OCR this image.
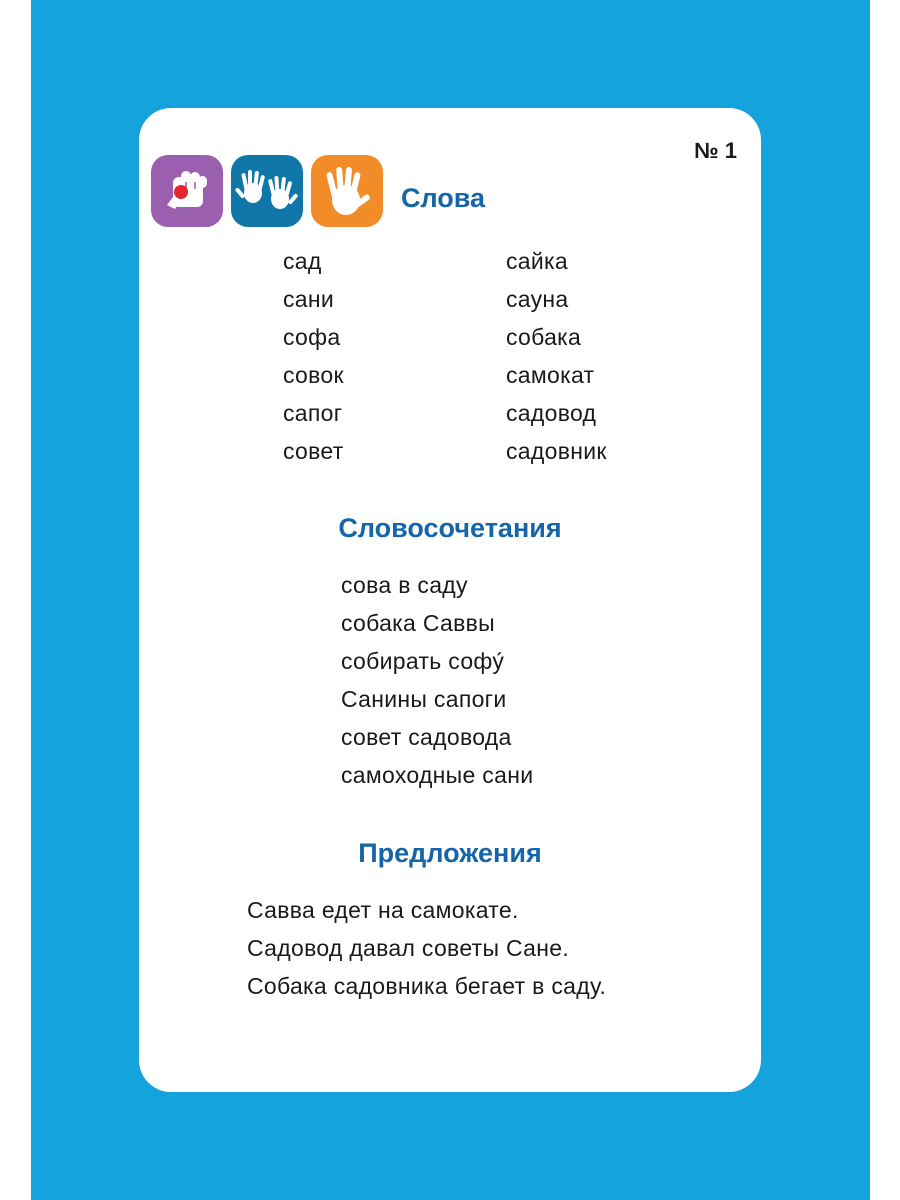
№ 1
Слова
сад
сани
софа
совок
сапог
совет
сайка
сауна
собака
самокат
садовод
садовник
Словосочетания
сова в саду
собака Саввы
собирать софу́
Санины сапоги
совет садовода
самоходные сани
Предложения
Савва едет на самокате.
Садовод давал советы Сане.
Собака садовника бегает в саду.
